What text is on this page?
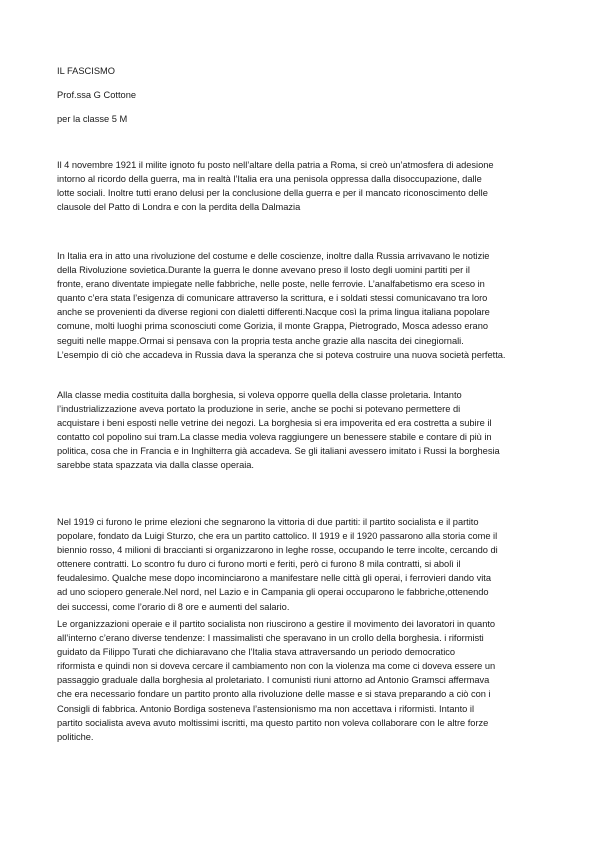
IL FASCISMO
Prof.ssa G Cottone
per la classe 5 M

Il 4 novembre 1921 il milite ignoto fu posto nell’altare della patria a Roma, si creò un’atmosfera di adesione
intorno al ricordo della guerra, ma in realtà l’Italia era una penisola oppressa dalla disoccupazione, dalle
lotte sociali. Inoltre tutti erano delusi per la conclusione della guerra e per il mancato riconoscimento delle
clausole del Patto di Londra e con la perdita della Dalmazia

In Italia era in atto una rivoluzione del costume e delle coscienze, inoltre dalla Russia arrivavano le notizie
della Rivoluzione sovietica.Durante la guerra le donne avevano preso il losto degli uomini partiti per il
fronte, erano diventate impiegate nelle fabbriche, nelle poste, nelle ferrovie. L’analfabetismo era sceso in
quanto c’era stata l’esigenza di comunicare attraverso la scrittura, e i soldati stessi comunicavano tra loro
anche se provenienti da diverse regioni con dialetti differenti.Nacque così la prima lingua italiana popolare
comune, molti luoghi prima sconosciuti come Gorizia, il monte Grappa, Pietrogrado, Mosca adesso erano
seguiti nelle mappe.Ormai si pensava con la propria testa anche grazie alla nascita dei cinegiornali.
L’esempio di ciò che accadeva in Russia dava la speranza che si poteva costruire una nuova società perfetta.

Alla classe media costituita dalla borghesia, si voleva opporre quella della classe proletaria. Intanto
l’industrializzazione aveva portato la produzione in serie, anche se pochi si potevano permettere di
acquistare i beni esposti nelle vetrine dei negozi. La borghesia si era impoverita ed era costretta a subire il
contatto col popolino sui tram.La classe media voleva raggiungere un benessere stabile e contare di più in
politica, cosa che in Francia e in Inghilterra già accadeva. Se gli italiani avessero imitato i Russi la borghesia
sarebbe stata spazzata via dalla classe operaia.

Nel 1919 ci furono le prime elezioni che segnarono la vittoria di due partiti: il partito socialista e il partito
popolare, fondato da Luigi Sturzo, che era un partito cattolico. Il 1919 e il 1920 passarono alla storia come il
biennio rosso, 4 milioni di braccianti si organizzarono in leghe rosse, occupando le terre incolte, cercando di
ottenere contratti. Lo scontro fu duro ci furono morti e feriti, però ci furono 8 mila contratti, si abolì il
feudalesimo. Qualche mese dopo incominciarono a manifestare nelle città gli operai, i ferrovieri dando vita
ad uno sciopero generale.Nel nord, nel Lazio e in Campania gli operai occuparono le fabbriche,ottenendo
dei successi, come l’orario di 8 ore e aumenti del salario.

Le organizzazioni operaie e il partito socialista non riuscirono a gestire il movimento dei lavoratori in quanto
all’interno c’erano diverse tendenze: I massimalisti che speravano in un crollo della borghesia. i riformisti
guidato da Filippo Turati che dichiaravano che l’Italia stava attraversando un periodo democratico
riformista e quindi non si doveva cercare il cambiamento non con la violenza ma come ci doveva essere un
passaggio graduale dalla borghesia al proletariato. I comunisti riuni attorno ad Antonio Gramsci affermava
che era necessario fondare un partito pronto alla rivoluzione delle masse e si stava preparando a ciò con i
Consigli di fabbrica. Antonio Bordiga sosteneva l’astensionismo ma non accettava i riformisti. Intanto il
partito socialista aveva avuto moltissimi iscritti, ma questo partito non voleva collaborare con le altre forze
politiche.
